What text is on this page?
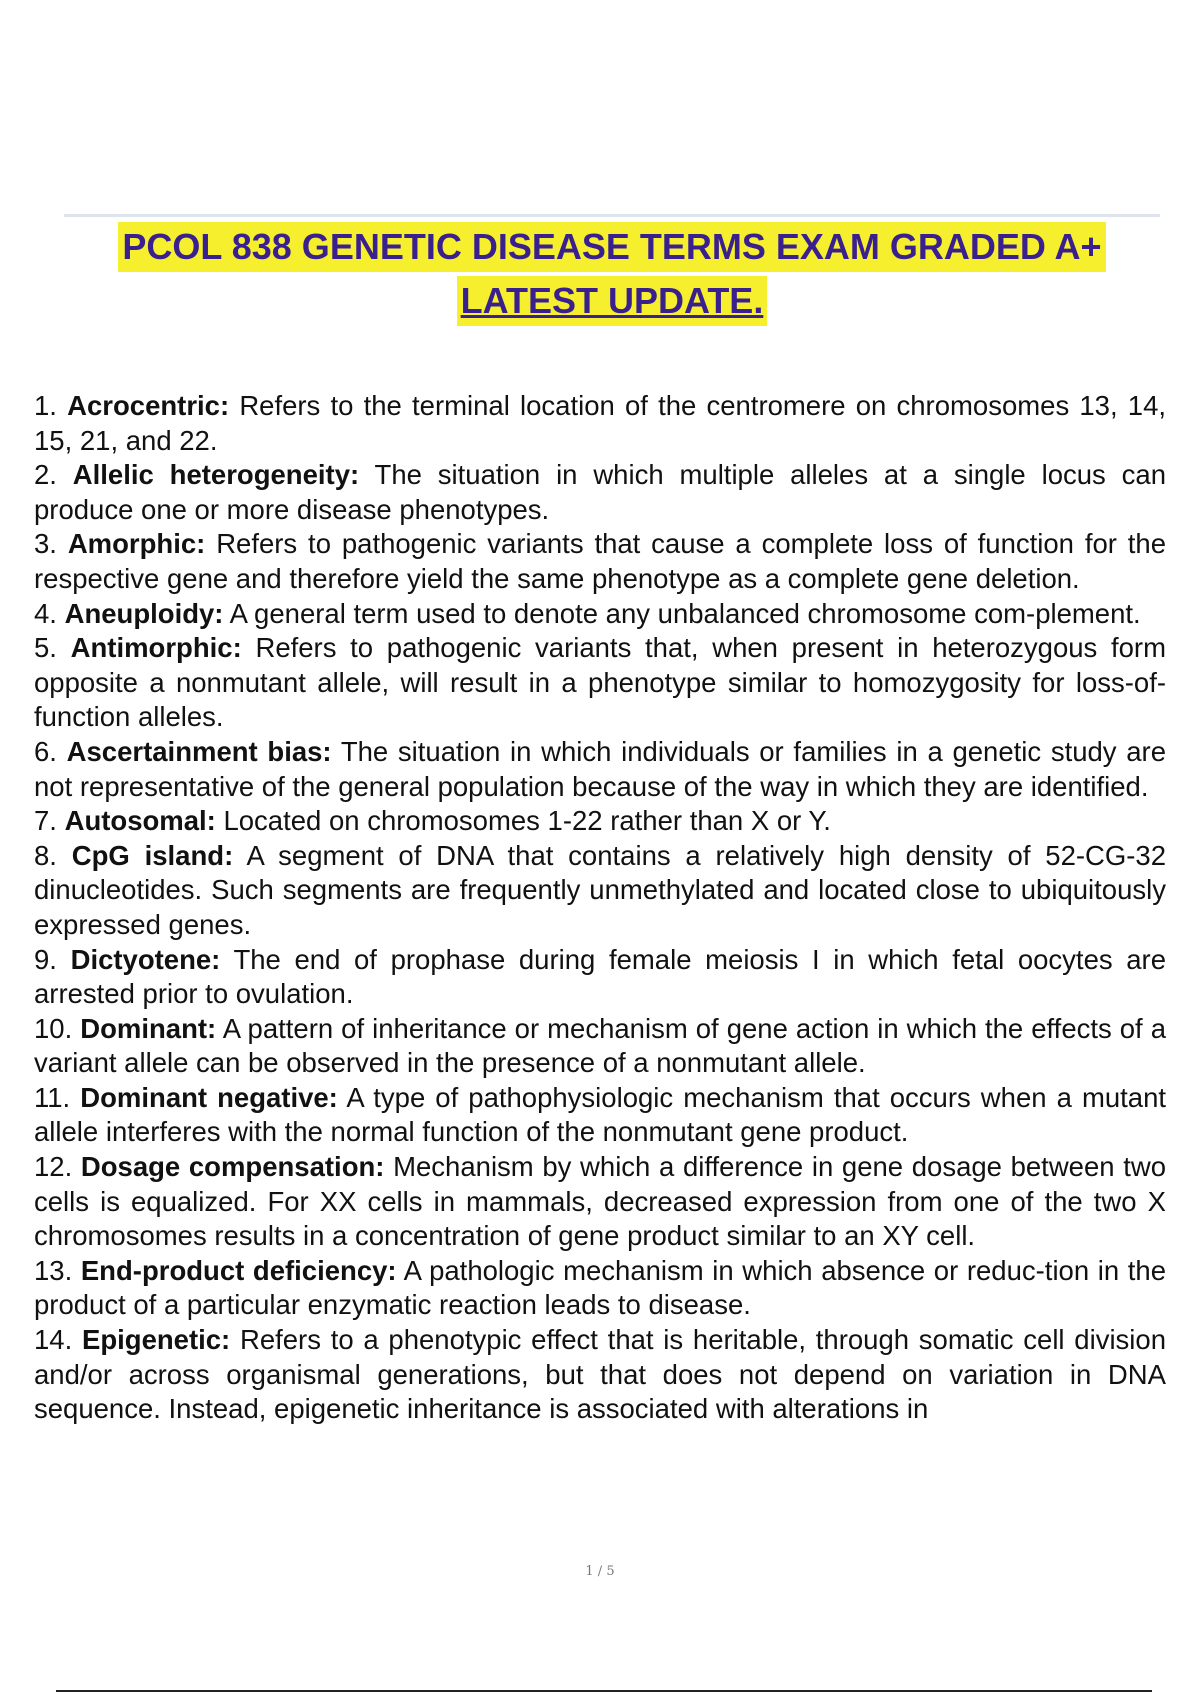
PCOL 838 GENETIC DISEASE TERMS EXAM GRADED A+
LATEST UPDATE.
1. Acrocentric: Refers to the terminal location of the centromere on chromosomes 13, 14, 15, 21, and 22.
2. Allelic heterogeneity: The situation in which multiple alleles at a single locus can produce one or more disease phenotypes.
3. Amorphic: Refers to pathogenic variants that cause a complete loss of function for the respective gene and therefore yield the same phenotype as a complete gene deletion.
4. Aneuploidy: A general term used to denote any unbalanced chromosome com-plement.
5. Antimorphic: Refers to pathogenic variants that, when present in heterozygous form opposite a nonmutant allele, will result in a phenotype similar to homozygosity for loss-of-function alleles.
6. Ascertainment bias: The situation in which individuals or families in a genetic study are not representative of the general population because of the way in which they are identified.
7. Autosomal: Located on chromosomes 1-22 rather than X or Y.
8. CpG island: A segment of DNA that contains a relatively high density of 52-CG-32 dinucleotides. Such segments are frequently unmethylated and located close to ubiquitously expressed genes.
9. Dictyotene: The end of prophase during female meiosis I in which fetal oocytes are arrested prior to ovulation.
10. Dominant: A pattern of inheritance or mechanism of gene action in which the effects of a variant allele can be observed in the presence of a nonmutant allele.
11. Dominant negative: A type of pathophysiologic mechanism that occurs when a mutant allele interferes with the normal function of the nonmutant gene product.
12. Dosage compensation: Mechanism by which a difference in gene dosage between two cells is equalized. For XX cells in mammals, decreased expression from one of the two X chromosomes results in a concentration of gene product similar to an XY cell.
13. End-product deficiency: A pathologic mechanism in which absence or reduc-tion in the product of a particular enzymatic reaction leads to disease.
14. Epigenetic: Refers to a phenotypic effect that is heritable, through somatic cell division and/or across organismal generations, but that does not depend on variation in DNA sequence. Instead, epigenetic inheritance is associated with alterations in
1 / 5
